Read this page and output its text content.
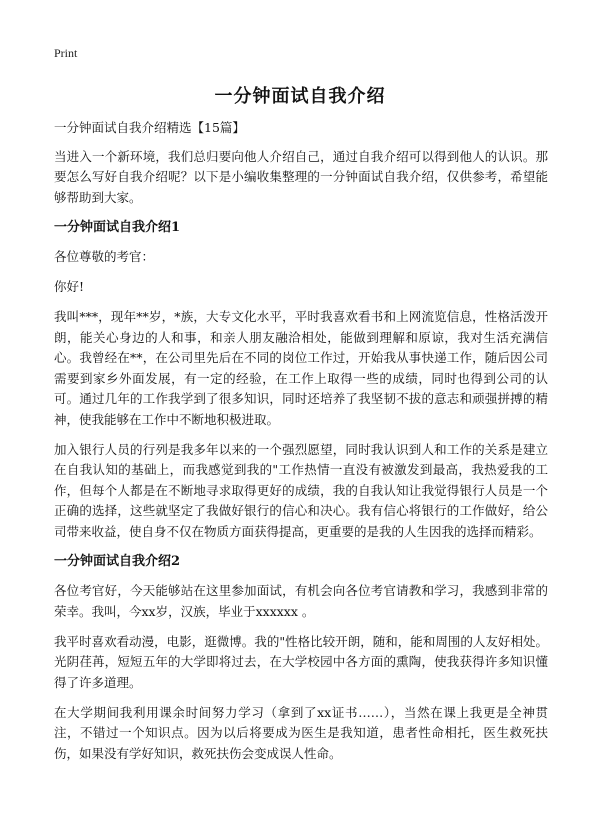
Print
一分钟面试自我介绍

一分钟面试自我介绍精选【15篇】

当进入一个新环境，我们总归要向他人介绍自己，通过自我介绍可以得到他人的认识。那要怎么写好自我介绍呢？以下是小编收集整理的一分钟面试自我介绍，仅供参考，希望能够帮助到大家。

一分钟面试自我介绍1

各位尊敬的考官：

你好!

我叫***，现年**岁，*族，大专文化水平，平时我喜欢看书和上网流览信息，性格活泼开朗，能关心身边的人和事，和亲人朋友融洽相处，能做到理解和原谅，我对生活充满信心。我曾经在**，在公司里先后在不同的岗位工作过，开始我从事快递工作，随后因公司需要到家乡外面发展，有一定的经验，在工作上取得一些的成绩，同时也得到公司的认可。通过几年的工作我学到了很多知识，同时还培养了我坚韧不拔的意志和顽强拼搏的精神，使我能够在工作中不断地积极进取。

加入银行人员的行列是我多年以来的一个强烈愿望，同时我认识到人和工作的关系是建立在自我认知的基础上，而我感觉到我的"工作热情一直没有被激发到最高，我热爱我的工作，但每个人都是在不断地寻求取得更好的成绩，我的自我认知让我觉得银行人员是一个正确的选择，这些就坚定了我做好银行的信心和决心。我有信心将银行的工作做好，给公司带来收益，使自身不仅在物质方面获得提高，更重要的是我的人生因我的选择而精彩。

一分钟面试自我介绍2

各位考官好，今天能够站在这里参加面试，有机会向各位考官请教和学习，我感到非常的荣幸。我叫，今xx岁，汉族，毕业于xxxxxx 。

我平时喜欢看动漫，电影，逛微博。我的"性格比较开朗，随和，能和周围的人友好相处。光阴荏苒，短短五年的大学即将过去，在大学校园中各方面的熏陶，使我获得许多知识懂得了许多道理。

在大学期间我利用课余时间努力学习（拿到了xx证书……），当然在课上我更是全神贯注，不错过一个知识点。因为以后将要成为医生是我知道，患者性命相托，医生救死扶伤，如果没有学好知识，救死扶伤会变成误人性命。
